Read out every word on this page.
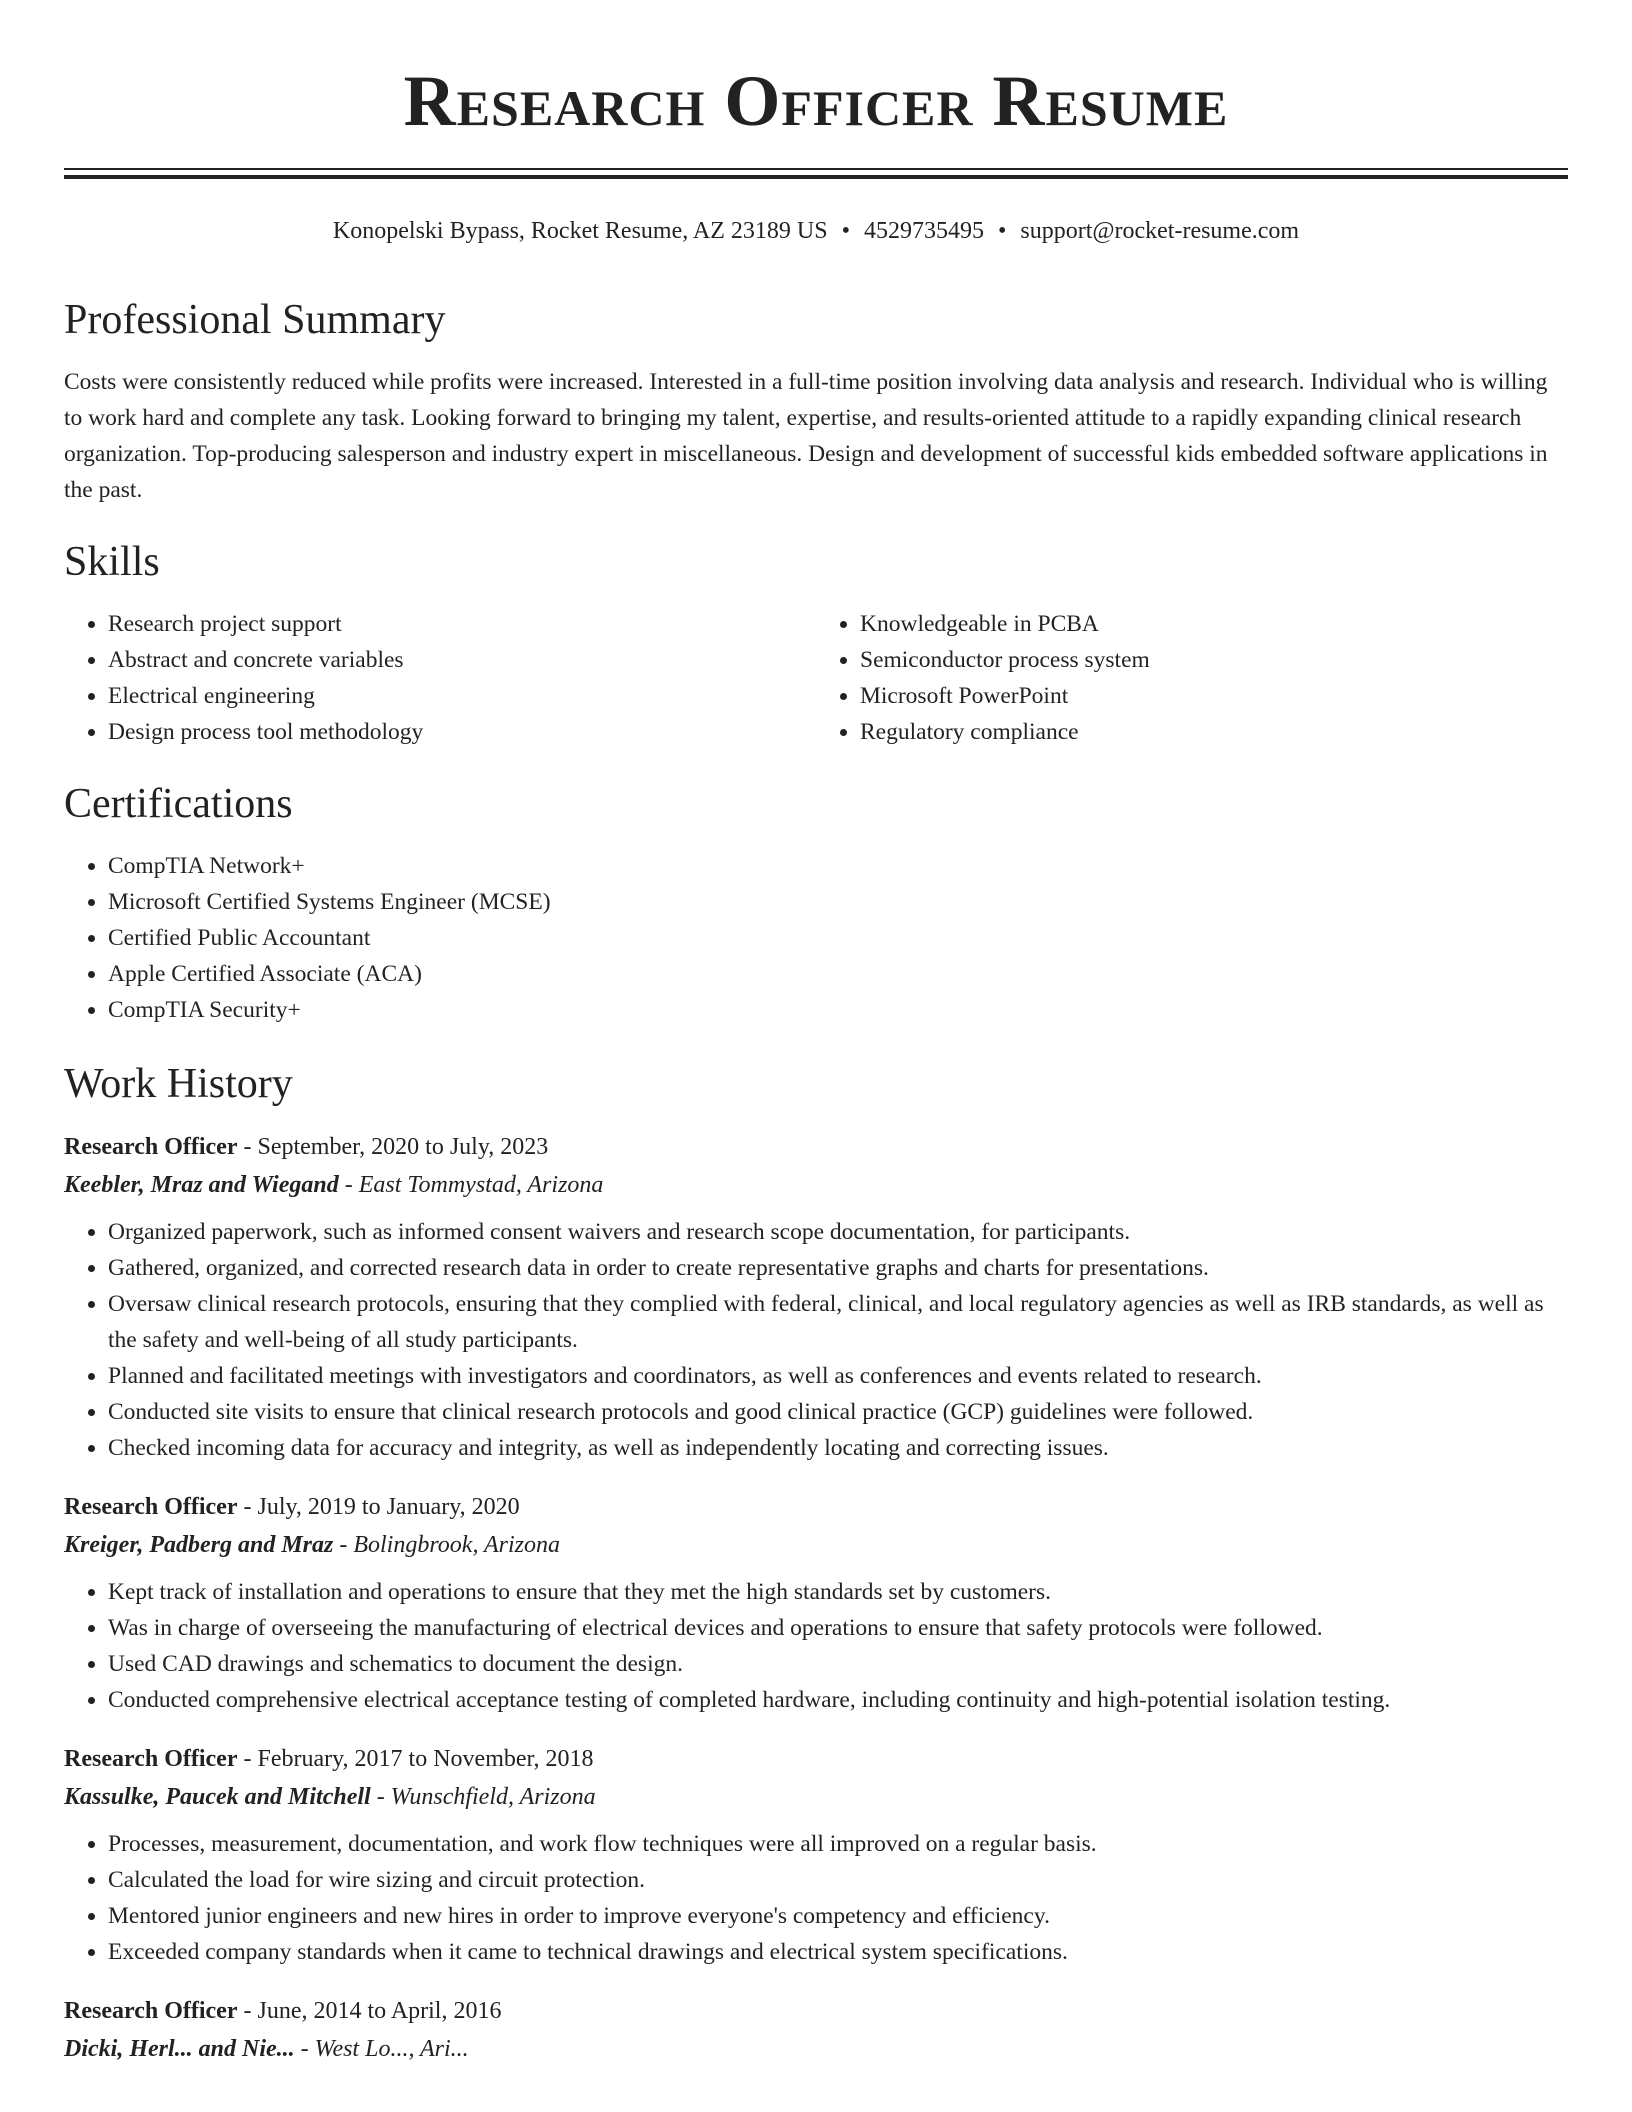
Research Officer Resume
Konopelski Bypass, Rocket Resume, AZ 23189 US • 4529735495 • support@rocket-resume.com
Professional Summary

Costs were consistently reduced while profits were increased. Interested in a full-time position involving data analysis and research. Individual who is willing to work hard and complete any task. Looking forward to bringing my talent, expertise, and results-oriented attitude to a rapidly expanding clinical research organization. Top-producing salesperson and industry expert in miscellaneous. Design and development of successful kids embedded software applications in the past.

Skills
• Research project support
• Abstract and concrete variables
• Electrical engineering
• Design process tool methodology
• Knowledgeable in PCBA
• Semiconductor process system
• Microsoft PowerPoint
• Regulatory compliance
Certifications
• CompTIA Network+
• Microsoft Certified Systems Engineer (MCSE)
• Certified Public Accountant
• Apple Certified Associate (ACA)
• CompTIA Security+
Work History
Research Officer - September, 2020 to July, 2023
Keebler, Mraz and Wiegand - East Tommystad, Arizona
• Organized paperwork, such as informed consent waivers and research scope documentation, for participants.
• Gathered, organized, and corrected research data in order to create representative graphs and charts for presentations.
• Oversaw clinical research protocols, ensuring that they complied with federal, clinical, and local regulatory agencies as well as IRB standards, as well as the safety and well-being of all study participants.
• Planned and facilitated meetings with investigators and coordinators, as well as conferences and events related to research.
• Conducted site visits to ensure that clinical research protocols and good clinical practice (GCP) guidelines were followed.
• Checked incoming data for accuracy and integrity, as well as independently locating and correcting issues.
Research Officer - July, 2019 to January, 2020
Kreiger, Padberg and Mraz - Bolingbrook, Arizona
• Kept track of installation and operations to ensure that they met the high standards set by customers.
• Was in charge of overseeing the manufacturing of electrical devices and operations to ensure that safety protocols were followed.
• Used CAD drawings and schematics to document the design.
• Conducted comprehensive electrical acceptance testing of completed hardware, including continuity and high-potential isolation testing.
Research Officer - February, 2017 to November, 2018
Kassulke, Paucek and Mitchell - Wunschfield, Arizona
• Processes, measurement, documentation, and work flow techniques were all improved on a regular basis.
• Calculated the load for wire sizing and circuit protection.
• Mentored junior engineers and new hires in order to improve everyone's competency and efficiency.
• Exceeded company standards when it came to technical drawings and electrical system specifications.
Research Officer - June, 2014 to April, 2016
Dicki, Herl... and Nie... - West Lo..., Ari...
